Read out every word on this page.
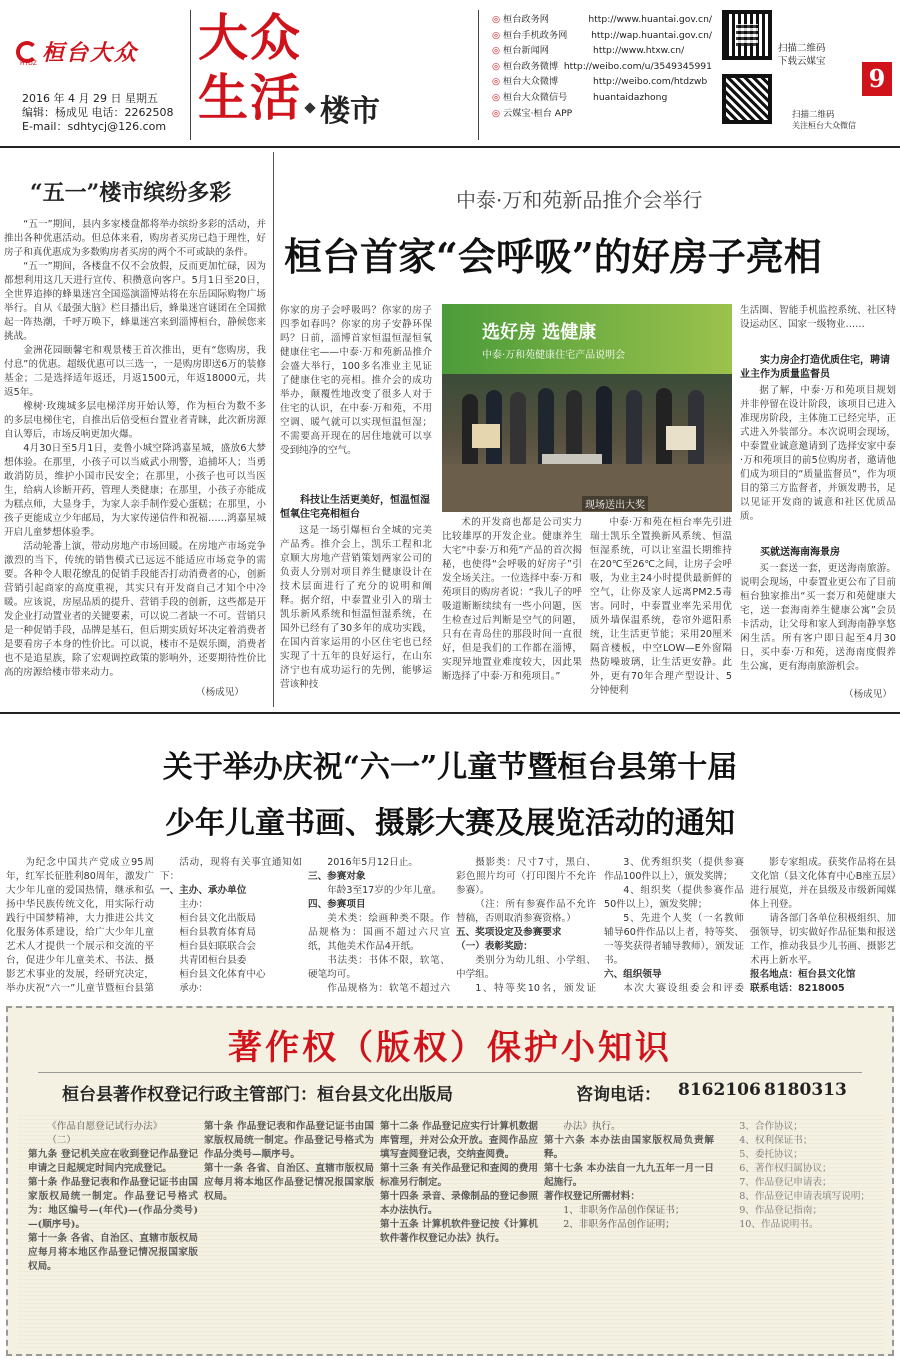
桓台大众
HTDZ
2016 年 4 月 29 日 星期五
编辑：杨成见 电话：2262508
E-mail：sdhtycj@126.com
大众
生活 楼市
◎ 桓台政务网	http://www.huantai.gov.cn/
◎ 桓台手机政务网	http://wap.huantai.gov.cn/
◎ 桓台新闻网	http://www.htxw.cn/
◎ 桓台政务微博 http://weibo.com/u/3549345991
◎ 桓台大众微博	http://weibo.com/htdzwb
◎ 桓台大众微信号	huantaidazhong
◎ 云媒宝·桓台 APP
扫描二维码
下载云媒宝
扫描二维码
关注桓台大众微信
9
“五一”楼市缤纷多彩

“五一”期间，县内多家楼盘都将举办缤纷多彩的活动，并推出各种优惠活动。但总体来看，购房者买房已趋于理性，好房子和真优惠成为多数购房者买房的两个不可或缺的条件。

“五一”期间，各楼盘不仅不会放假，反而更加忙碌，因为都想利用这几天进行宣传、积攒意向客户。5月1日至20日，全世界追捧的蜂巢迷宫全国巡演淄博站将在东岳国际购物广场举行。自从《最强大脑》栏目播出后，蜂巢迷宫谜团在全国掀起一阵热潮，千呼万唤下，蜂巢迷宫来到淄博桓台，静候您来挑战。

金洲花园颐馨宅和观景楼王首次推出，更有“您购房，我付息”的优惠。超级优惠可以三选一，一是购房即送6万的装修基金；二是选择适年返还，月返1500元，年返18000元，共返5年。

橡树·玫瑰城多层电梯洋房开始认筹，作为桓台为数不多的多层电梯住宅，自推出后倍受桓台置业者青睐，此次新房源自认筹后，市场反响更加火爆。

4月30日至5月1日，麦鲁小城空降鸿嘉星城，盛放6大梦想体验。在那里，小孩子可以当威武小刑警，追捕坏人；当勇敢消防员，维护小国市民安全；在那里，小孩子也可以当医生，给病人诊断开药，管理人类健康；在那里，小孩子亦能成为糕点师，大显身手，为家人亲手制作爱心蛋糕；在那里，小孩子更能成立少年邮局，为大家传递信件和祝福……鸿嘉星城开启儿童梦想体验季。

活动轮番上演，带动房地产市场回暖。在房地产市场竞争激烈的当下，传统的销售模式已远远不能适应市场竞争的需要。各种令人眼花缭乱的促销手段能否打动消费者的心，创新营销引起商家的高度重视，其实只有开发商自己才知个中冷暖。应该说，房屋品质的提升、营销手段的创新，这些都是开发企业打动置业者的关键要素，可以说二者缺一不可。营销只是一种促销手段，品牌是基石，但后期实质好坏决定着消费者是要看房子本身的性价比。可以说，楼市不是娱乐圈，消费者也不是追星族，除了宏观调控政策的影响外，还要期待性价比高的房源给楼市带来动力。

（杨成见）
中泰·万和苑新品推介会举行
桓台首家“会呼吸”的好房子亮相
你家的房子会呼吸吗？你家的房子四季如春吗？你家的房子安静环保吗？日前，淄博首家恒温恒湿恒氧健康住宅——中泰·万和苑新品推介会盛大举行，100多名准业主见证了健康住宅的亮相。推介会的成功举办，颠覆性地改变了很多人对于住宅的认识，在中泰·万和苑，不用空调、暖气就可以实现恒温恒湿；不需要高开现在的居住地就可以享受到纯净的空气。
科技让生活更美好，恒温恒湿恒氧住宅亮相桓台
这是一场引爆桓台全城的完美产品秀。推介会上，凯乐工程和北京顺大房地产营销策划两家公司的负责人分别对项目养生健康设计在技术层面进行了充分的说明和阐释。据介绍，中泰置业引入的瑞士凯乐新风系统和恒温恒湿系统，在国外已经有了30多年的成功实践，在国内首家运用的小区住宅也已经实现了十五年的良好运行，在山东济宁也有成功运行的先例，能够运营该种技
选好房 选健康
中泰·万和苑健康住宅产品说明会
现场送出大奖
术的开发商也都是公司实力比较雄厚的开发企业。健康养生大宅“中泰·万和苑”产品的首次揭秘，也使得“会呼吸的好房子”引发全场关注。一位选择中泰·万和苑项目的购房者说：“我儿子的呼吸道断断续续有一些小问题，医生检查过后判断是空气的问题，只有在青岛住的那段时间一直很好，但是我们的工作都在淄博，实现异地置业难度较大，因此果断选择了中泰·万和苑项目。”
中泰·万和苑在桓台率先引进瑞士凯乐全置换新风系统、恒温恒湿系统，可以让室温长期维持在20℃至26℃之间，让房子会呼吸，为业主24小时提供最新鲜的空气，让你及家人远离PM2.5毒害。同时，中泰置业率先采用优质外墙保温系统，卷帘外遮阳系统，让生活更节能；采用20厘米隔音楼板，中空LOW—E外窗隔热防噪玻璃，让生活更安静。此外，更有70年合理产型设计、5分钟便利
生活圈、智能手机监控系统、社区特设运动区、国家一级物业……
实力房企打造优质住宅，聘请业主作为质量监督员
据了解，中泰·万和苑项目规划并非停留在设计阶段，该项目已进入准现房阶段，主体施工已经完毕，正式进入外装部分。本次说明会现场，中泰置业诚意邀请到了选择安家中泰·万和苑项目的前5位购房者，邀请他们成为项目的“质量监督员”，作为项目的第三方监督者，并颁发聘书，足以见证开发商的诚意和社区优质品质。
买就送海南海景房
买一套送一套，更送海南旅游。说明会现场，中泰置业更公布了目前桓台独家推出“买一套万和苑健康大宅，送一套海南养生健康公寓”会员卡活动，让父母和家人到海南静享悠闲生活。所有客户即日起至4月30日，买中泰·万和苑，送海南度假养生公寓，更有海南旅游机会。
（杨成见）
关于举办庆祝“六一”儿童节暨桓台县第十届
少年儿童书画、摄影大赛及展览活动的通知
为纪念中国共产党成立95周年，红军长征胜利80周年，激发广大少年儿童的爱国热情，继承和弘扬中华民族传统文化，用实际行动践行中国梦精神，大力推进公共文化服务体系建设，给广大少年儿童艺术人才提供一个展示和交流的平台，促进少年儿童美术、书法、摄影艺术事业的发展，经研究决定，举办庆祝“六一”儿童节暨桓台县第
活动，现将有关事宜通知如下：
一、主办、承办单位
主办：
桓台县文化出版局
桓台县教育体育局
桓台县妇联联合会
共青团桓台县委
桓台县文化体育中心
承办：
2016年5月12日止。
三、参赛对象
年龄3至17岁的少年儿童。
四、参赛项目
美术类：绘画种类不限。作品规格为：国画不超过六尺宣纸，其他美术作品4开纸。
书法类：书体不限，软笔、硬笔均可。
作品规格为：软笔不超过六
摄影类：尺寸7寸，黑白、彩色照片均可（打印图片不允许参赛）。
（注：所有参赛作品不允许替稿，否则取消参赛资格。）
五、奖项设定及参赛要求
（一）表彰奖励：
类别分为幼儿组、小学组、中学组。
1、特等奖10名，颁发证
3、优秀组织奖（提供参赛作品100件以上），颁发奖牌；
4、组织奖（提供参赛作品50件以上），颁发奖牌；
5、先进个人奖（一名教师辅导60件作品以上者，特等奖、一等奖获得者辅导教师），颁发证书。
六、组织领导
本次大赛设组委会和评委
影专家组成。获奖作品将在县文化馆（县文化体育中心B座五层）进行展览，并在县级及市级新闻媒体上刊登。
请各部门各单位积极组织、加强领导，切实做好作品征集和报送工作，推动我县少儿书画、摄影艺术再上新水平。
报名地点：桓台县文化馆
联系电话：8218005
著作权（版权）保护小知识
桓台县著作权登记行政主管部门：桓台县文化出版局	咨询电话： 8162106 8180313
《作品自愿登记试行办法》
（二）
第九条 登记机关应在收到登记作品登记申请之日起规定时间内完成登记。
第十条 作品登记表和作品登记证书由国家版权局统一制定。作品登记号格式为：地区编号—(年代)—(作品分类号)—(顺序号)。
第十一条 各省、自治区、直辖市版权局应每月将本地区作品登记情况报国家版权局。
第十条 作品登记表和作品登记证书由国家版权局统一制定。作品登记号格式为作品分类号—顺序号。
第十一条 各省、自治区、直辖市版权局应每月将本地区作品登记情况报国家版权局。
第十二条 作品登记应实行计算机数据库管理，并对公众开放。查阅作品应填写查阅登记表，交纳查阅费。
第十三条 有关作品登记和查阅的费用标准另行制定。
第十四条 录音、录像制品的登记参照本办法执行。
第十五条 计算机软件登记按《计算机软件著作权登记办法》执行。
办法》执行。
第十六条 本办法由国家版权局负责解释。
第十七条 本办法自一九九五年一月一日起施行。
著作权登记所需材料：
1、非职务作品创作保证书；
2、非职务作品创作证明；
3、合作协议；
4、权利保证书；
5、委托协议；
6、著作权归属协议；
7、作品登记申请表；
8、作品登记申请表填写说明；
9、作品登记指南；
10、作品说明书。
